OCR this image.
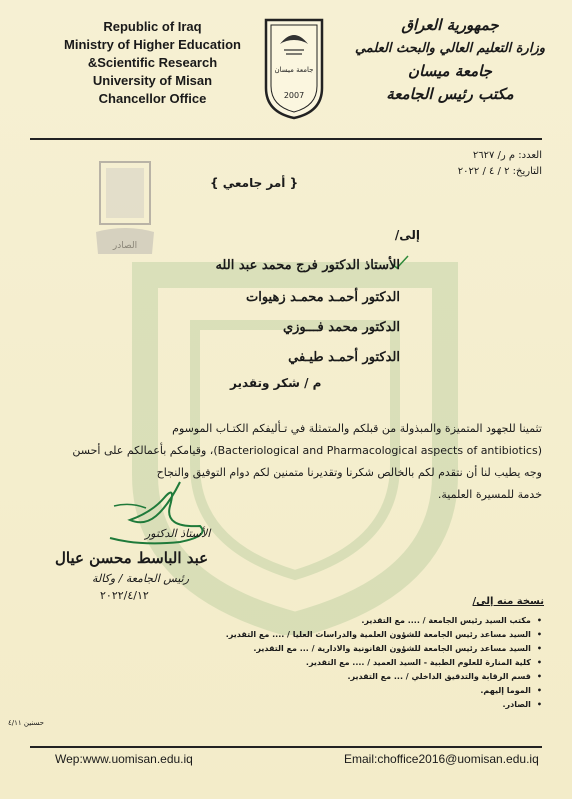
Republic of Iraq
Ministry of Higher Education
&Scientific Research
University of Misan
Chancellor Office
جامعة ميسان
2007
جمهورية العراق
وزارة التعليم العالي والبحث العلمي
جامعة ميسان
مكتب رئيس الجامعة
العدد: م ر/ ٢٦٢٧
التاريخ: ٢ / ٤ / ٢٠٢٢
الصادر
{ أمر جامعي }
إلى/
الأستاذ الدكتور فرج محمد عبد الله
الدكتور أحمـد محمـد زهيوات
الدكتور محمد فـــوزي
الدكتور أحمـد طيـفي
م / شكر وتقدير
تثمينا للجهود المتميزة والمبذولة من قبلكم والمتمثلة في تـأليفكم الكتـاب الموسوم
(Bacteriological and Pharmacological aspects of antibiotics)، وقيامكم بأعمالكم على أحسن
وجه يطيب لنا أن نتقدم لكم بالخالص شكرنا وتقديرنا متمنين لكم دوام التوفيق والنجاح
خدمة للمسيرة العلمية.
الأستاذ الدكتور
عبد الباسط محسن عيال
رئيس الجامعة / وكالة
٢٠٢٢/٤/١٢	نسخة منه إلى/
•مكتب السيد رئيس الجامعة / .... مع التقدير.
•السيد مساعد رئيس الجامعة للشؤون العلمية والدراسات العليا / .... مع التقدير.
•السيد مساعد رئيس الجامعة للشؤون القانونية والادارية / ... مع التقدير.
•كلية المنارة للعلوم الطبية - السيد العميد / .... مع التقدير.
•قسم الرقابة والتدقيق الداخلي / ... مع التقدير.
•الموما إليهم.
•الصادر.
حسنين ٤/١١
Wep:www.uomisan.edu.iq	Email:choffice2016@uomisan.edu.iq
